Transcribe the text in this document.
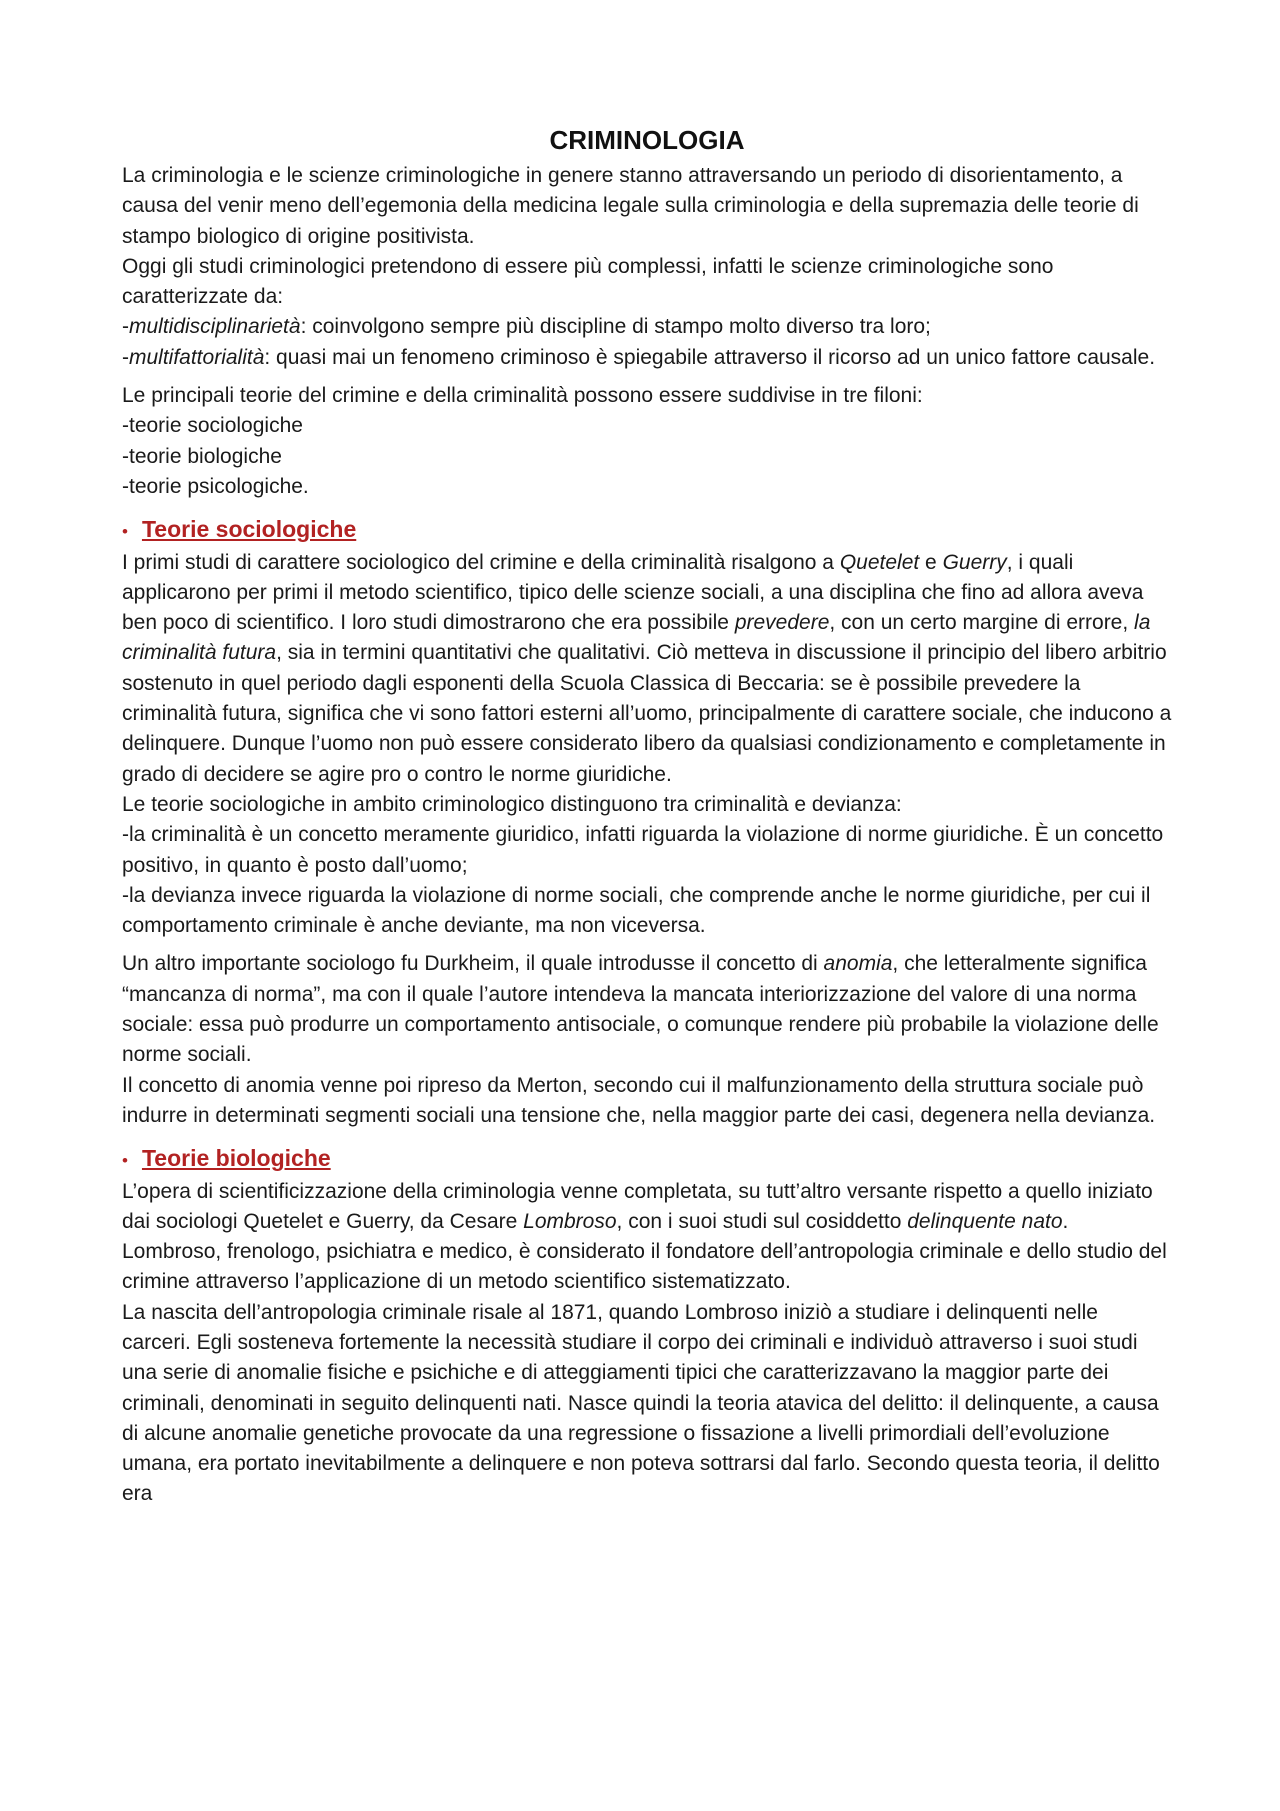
CRIMINOLOGIA

La criminologia e le scienze criminologiche in genere stanno attraversando un periodo di disorientamento, a causa del venir meno dell’egemonia della medicina legale sulla criminologia e della supremazia delle teorie di stampo biologico di origine positivista.

Oggi gli studi criminologici pretendono di essere più complessi, infatti le scienze criminologiche sono caratterizzate da:

-multidisciplinarietà: coinvolgono sempre più discipline di stampo molto diverso tra loro;

-multifattorialità: quasi mai un fenomeno criminoso è spiegabile attraverso il ricorso ad un unico fattore causale.

Le principali teorie del crimine e della criminalità possono essere suddivise in tre filoni:

-teorie sociologiche

-teorie biologiche

-teorie psicologiche.

• Teorie sociologiche

I primi studi di carattere sociologico del crimine e della criminalità risalgono a Quetelet e Guerry, i quali applicarono per primi il metodo scientifico, tipico delle scienze sociali, a una disciplina che fino ad allora aveva ben poco di scientifico. I loro studi dimostrarono che era possibile prevedere, con un certo margine di errore, la criminalità futura, sia in termini quantitativi che qualitativi. Ciò metteva in discussione il principio del libero arbitrio sostenuto in quel periodo dagli esponenti della Scuola Classica di Beccaria: se è possibile prevedere la criminalità futura, significa che vi sono fattori esterni all’uomo, principalmente di carattere sociale, che inducono a delinquere. Dunque l’uomo non può essere considerato libero da qualsiasi condizionamento e completamente in grado di decidere se agire pro o contro le norme giuridiche.

Le teorie sociologiche in ambito criminologico distinguono tra criminalità e devianza:

-la criminalità è un concetto meramente giuridico, infatti riguarda la violazione di norme giuridiche. È un concetto positivo, in quanto è posto dall’uomo;

-la devianza invece riguarda la violazione di norme sociali, che comprende anche le norme giuridiche, per cui il comportamento criminale è anche deviante, ma non viceversa.

Un altro importante sociologo fu Durkheim, il quale introdusse il concetto di anomia, che letteralmente significa “mancanza di norma”, ma con il quale l’autore intendeva la mancata interiorizzazione del valore di una norma sociale: essa può produrre un comportamento antisociale, o comunque rendere più probabile la violazione delle norme sociali.

Il concetto di anomia venne poi ripreso da Merton, secondo cui il malfunzionamento della struttura sociale può indurre in determinati segmenti sociali una tensione che, nella maggior parte dei casi, degenera nella devianza.

• Teorie biologiche

L’opera di scientificizzazione della criminologia venne completata, su tutt’altro versante rispetto a quello iniziato dai sociologi Quetelet e Guerry, da Cesare Lombroso, con i suoi studi sul cosiddetto delinquente nato. Lombroso, frenologo, psichiatra e medico, è considerato il fondatore dell’antropologia criminale e dello studio del crimine attraverso l’applicazione di un metodo scientifico sistematizzato.

La nascita dell’antropologia criminale risale al 1871, quando Lombroso iniziò a studiare i delinquenti nelle carceri. Egli sosteneva fortemente la necessità studiare il corpo dei criminali e individuò attraverso i suoi studi una serie di anomalie fisiche e psichiche e di atteggiamenti tipici che caratterizzavano la maggior parte dei criminali, denominati in seguito delinquenti nati. Nasce quindi la teoria atavica del delitto: il delinquente, a causa di alcune anomalie genetiche provocate da una regressione o fissazione a livelli primordiali dell’evoluzione umana, era portato inevitabilmente a delinquere e non poteva sottrarsi dal farlo. Secondo questa teoria, il delitto era
